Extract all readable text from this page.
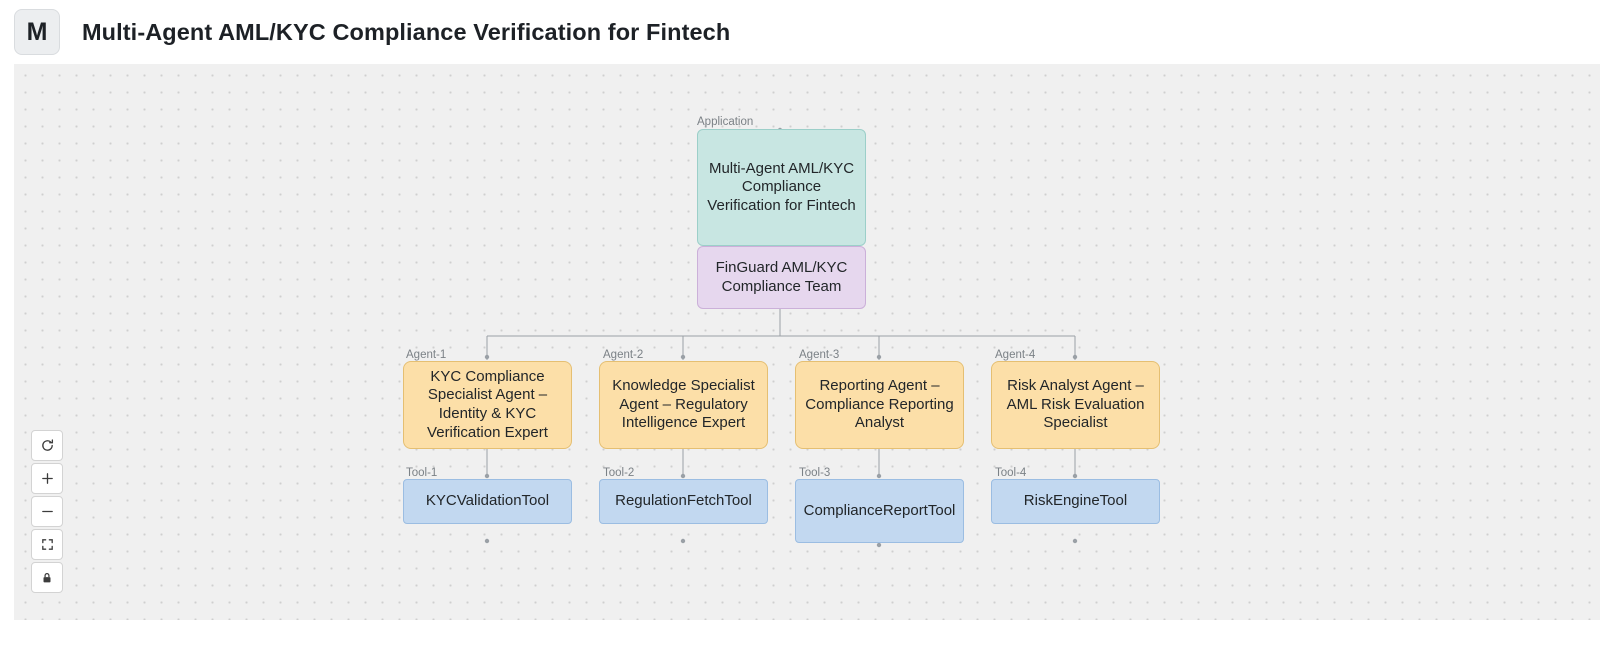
M	Multi-Agent AML/KYC Compliance Verification for Fintech
Application
Multi-Agent AML/KYC Compliance Verification for Fintech
FinGuard AML/KYC Compliance Team
Agent-1
KYC Compliance Specialist Agent – Identity & KYC Verification Expert
Agent-2
Knowledge Specialist Agent – Regulatory Intelligence Expert
Agent-3
Reporting Agent – Compliance Reporting Analyst
Agent-4
Risk Analyst Agent – AML Risk Evaluation Specialist
Tool-1
KYCValidationTool
Tool-2
RegulationFetchTool
Tool-3
ComplianceReportTool
Tool-4
RiskEngineTool
